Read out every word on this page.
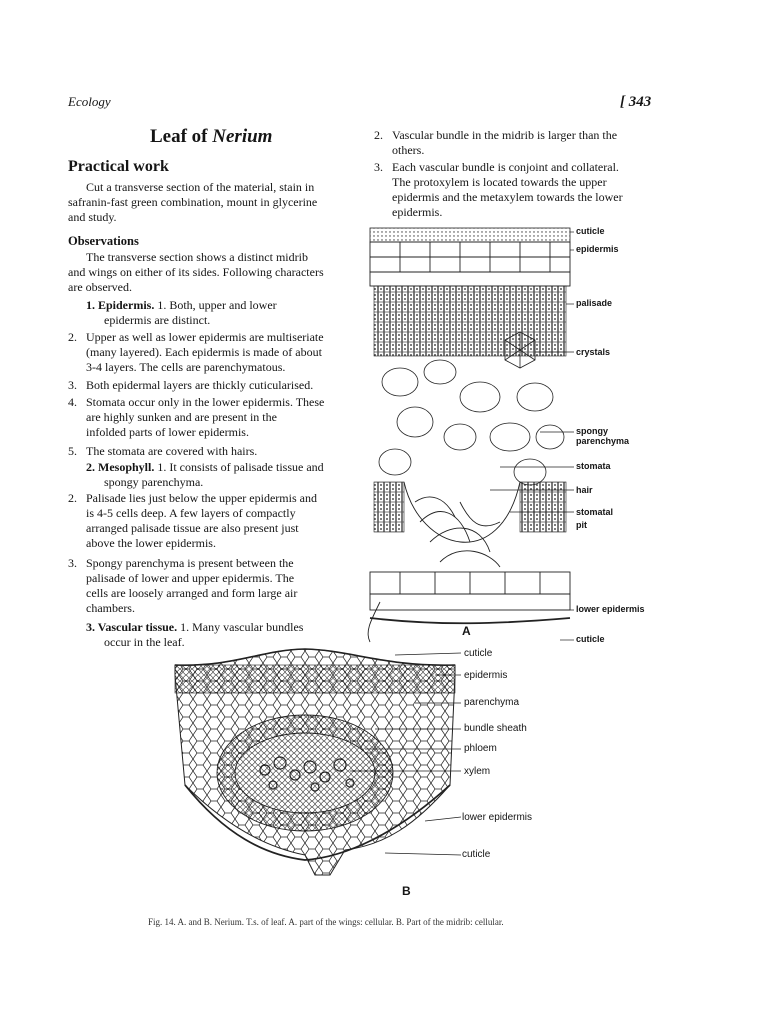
Ecology	[ 343
Leaf of Nerium
Practical work
Cut a transverse section of the material, stain in
safranin-fast green combination, mount in glycerine
and study.
Observations
The transverse section shows a distinct midrib
and wings on either of its sides. Following characters
are observed.
1. Epidermis. 1. Both, upper and lower
epidermis are distinct.
2. Upper as well as lower epidermis are multiseriate
(many layered). Each epidermis is made of about
3-4 layers. The cells are parenchymatous.
3. Both epidermal layers are thickly cuticularised.
4. Stomata occur only in the lower epidermis. These
are highly sunken and are present in the
infolded parts of lower epidermis.
5. The stomata are covered with hairs.
2. Mesophyll. 1. It consists of palisade tissue and
spongy parenchyma.
2. Palisade lies just below the upper epidermis and
is 4-5 cells deep. A few layers of compactly
arranged palisade tissue are also present just
above the lower epidermis.
3. Spongy parenchyma is present between the
palisade of lower and upper epidermis. The
cells are loosely arranged and form large air
chambers.
3. Vascular tissue. 1. Many vascular bundles
occur in the leaf.
2. Vascular bundle in the midrib is larger than the
others.
3. Each vascular bundle is conjoint and collateral.
The protoxylem is located towards the upper
epidermis and the metaxylem towards the lower
epidermis.
cuticle
epidermis
palisade
crystals
spongy
parenchyma
stomata
hair
stomatal
pit
lower epidermis
cuticle
A
cuticle
epidermis
parenchyma
bundle sheath
phloem
xylem
lower epidermis
cuticle
B
Fig. 14. A. and B. Nerium. T.s. of leaf. A. part of the wings: cellular. B. Part of the midrib: cellular.
